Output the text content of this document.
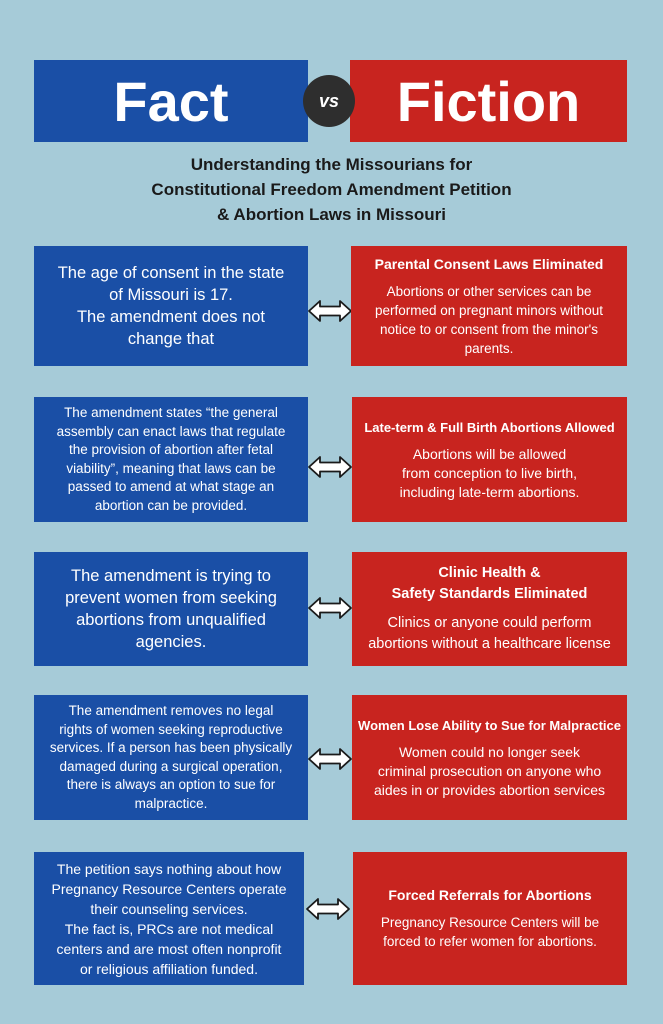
Fact	Fiction
vs
Understanding the Missourians for
Constitutional Freedom Amendment Petition
& Abortion Laws in Missouri
The age of consent in the state
of Missouri is 17.
The amendment does not
change that
Parental Consent Laws Eliminated
Abortions or other services can be
performed on pregnant minors without
notice to or consent from the minor's
parents.
The amendment states “the general
assembly can enact laws that regulate
the provision of abortion after fetal
viability”, meaning that laws can be
passed to amend at what stage an
abortion can be provided.
Late-term & Full Birth Abortions Allowed
Abortions will be allowed
from conception to live birth,
including late-term abortions.
The amendment is trying to
prevent women from seeking
abortions from unqualified
agencies.
Clinic Health &
Safety Standards Eliminated
Clinics or anyone could perform
abortions without a healthcare license
The amendment removes no legal
rights of women seeking reproductive
services. If a person has been physically
damaged during a surgical operation,
there is always an option to sue for
malpractice.
Women Lose Ability to Sue for Malpractice
Women could no longer seek
criminal prosecution on anyone who
aides in or provides abortion services
The petition says nothing about how
Pregnancy Resource Centers operate
their counseling services.
The fact is, PRCs are not medical
centers and are most often nonprofit
or religious affiliation funded.
Forced Referrals for Abortions
Pregnancy Resource Centers will be
forced to refer women for abortions.
